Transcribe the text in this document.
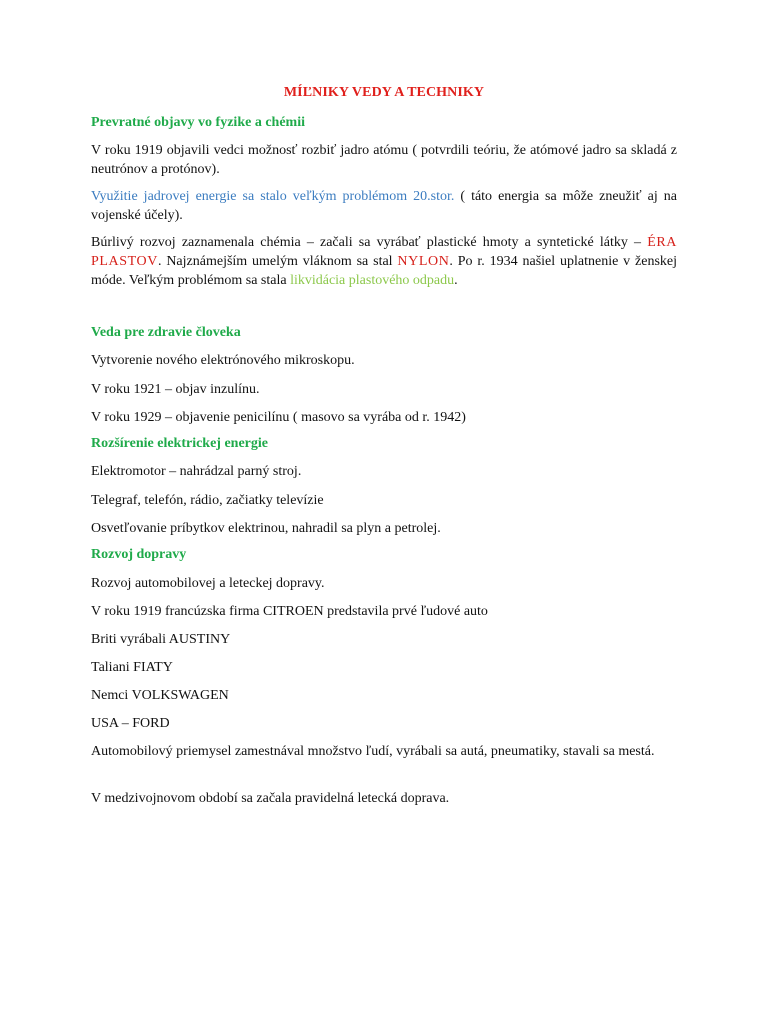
MÍĽNIKY VEDY A TECHNIKY
Prevratné objavy vo fyzike a chémii
V roku 1919 objavili vedci možnosť rozbiť jadro atómu ( potvrdili teóriu, že atómové jadro sa skladá z neutrónov a protónov).
Využitie jadrovej energie sa stalo veľkým problémom 20.stor. ( táto energia sa môže zneužiť aj na vojenské účely).
Búrlivý rozvoj zaznamenala chémia – začali sa vyrábať plastické hmoty a syntetické látky – ÉRA PLASTOV. Najznámejším umelým vláknom sa stal NYLON. Po r. 1934 našiel uplatnenie v ženskej móde. Veľkým problémom sa stala likvidácia plastového odpadu.
Veda pre zdravie človeka
Vytvorenie nového elektrónového mikroskopu.
V roku 1921 – objav inzulínu.
V roku 1929 – objavenie penicilínu ( masovo sa vyrába od r. 1942)
Rozšírenie elektrickej energie
Elektromotor – nahrádzal parný stroj.
Telegraf, telefón, rádio, začiatky televízie
Osvetľovanie príbytkov elektrinou, nahradil sa plyn a petrolej.
Rozvoj dopravy
Rozvoj automobilovej a leteckej dopravy.
V roku 1919 francúzska firma CITROEN predstavila prvé ľudové auto
Briti vyrábali AUSTINY
Taliani FIATY
Nemci VOLKSWAGEN
USA – FORD
Automobilový priemysel zamestnával množstvo ľudí, vyrábali sa autá, pneumatiky, stavali sa mestá.
V medzivojnovom období sa začala pravidelná letecká doprava.
